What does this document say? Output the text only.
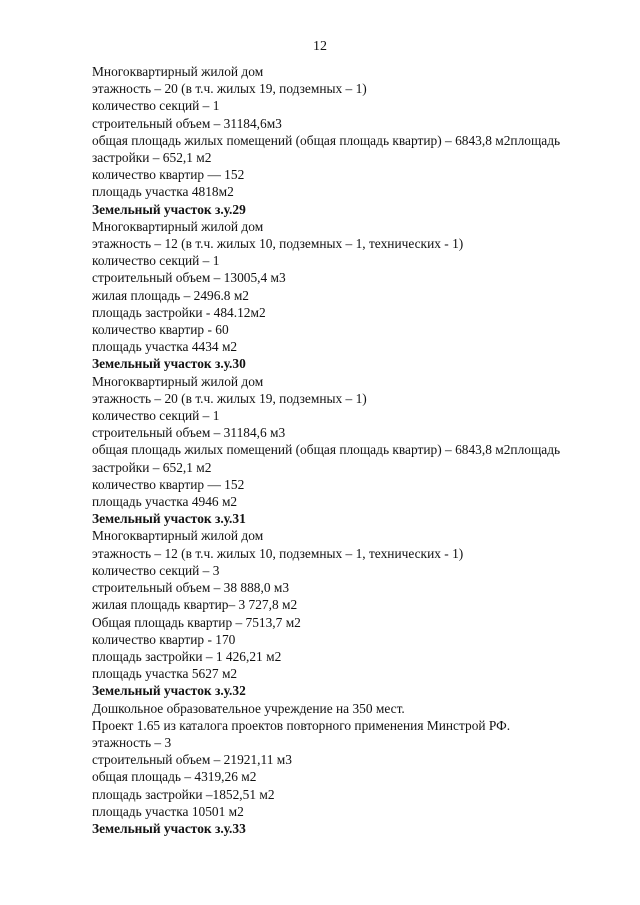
12
Многоквартирный жилой дом
этажность – 20 (в т.ч. жилых 19, подземных – 1)
количество секций – 1
строительный объем – 31184,6м3
общая площадь жилых помещений (общая площадь квартир) – 6843,8 м2площадь
застройки – 652,1 м2
количество квартир — 152
площадь участка 4818м2
Земельный участок з.у.29
Многоквартирный жилой дом
этажность – 12 (в т.ч. жилых 10, подземных – 1, технических - 1)
количество секций – 1
строительный объем – 13005,4 м3
жилая площадь – 2496.8 м2
площадь застройки - 484.12м2
количество квартир - 60
площадь участка 4434 м2
Земельный участок з.у.30
Многоквартирный жилой дом
этажность – 20 (в т.ч. жилых 19, подземных – 1)
количество секций – 1
строительный объем – 31184,6 м3
общая площадь жилых помещений (общая площадь квартир) – 6843,8 м2площадь
застройки – 652,1 м2
количество квартир — 152
площадь участка 4946 м2
Земельный участок з.у.31
Многоквартирный жилой дом
этажность – 12 (в т.ч. жилых 10, подземных – 1, технических - 1)
количество секций – 3
строительный объем – 38 888,0 м3
жилая площадь квартир– 3 727,8 м2
Общая площадь квартир – 7513,7 м2
количество квартир - 170
площадь застройки – 1 426,21 м2
площадь участка 5627 м2
Земельный участок з.у.32
Дошкольное образовательное учреждение на 350 мест.
Проект 1.65 из каталога проектов повторного применения Минстрой РФ.
этажность – 3
строительный объем – 21921,11 м3
общая площадь – 4319,26 м2
площадь застройки –1852,51 м2
площадь участка 10501 м2
Земельный участок з.у.33
